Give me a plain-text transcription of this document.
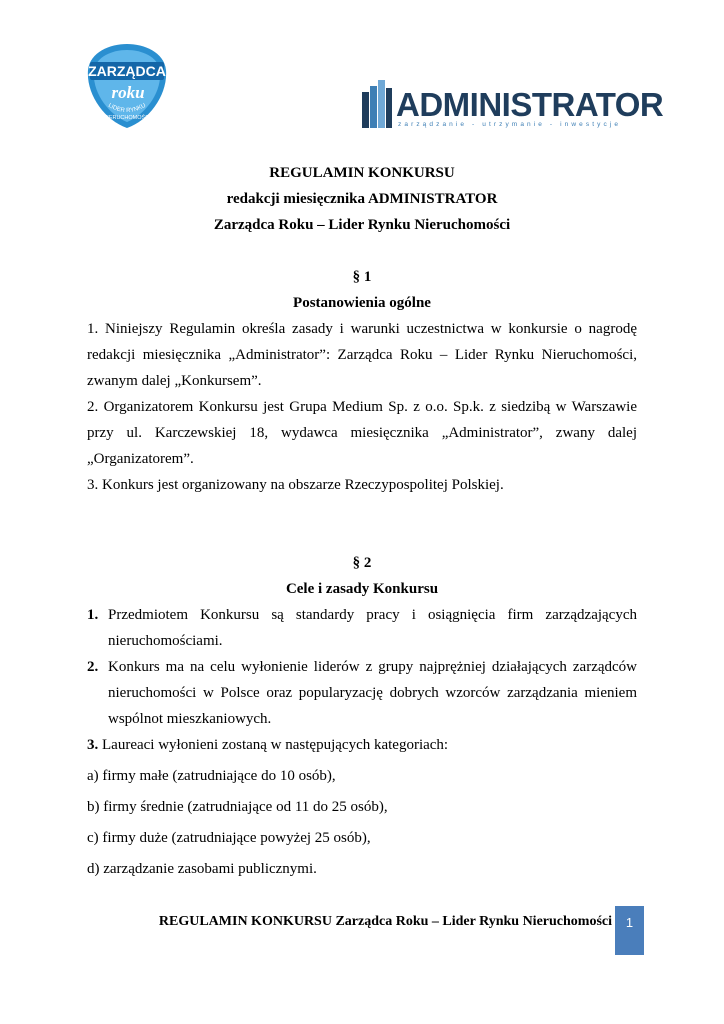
ZARZĄDCA
roku
LIDER RYNKU
NIERUCHOMOŚCI	ADMINISTRATOR
zarządzanie - utrzymanie - inwestycje
REGULAMIN KONKURSU
redakcji miesięcznika ADMINISTRATOR
Zarządca Roku – Lider Rynku Nieruchomości
§ 1
Postanowienia ogólne
1. Niniejszy Regulamin określa zasady i warunki uczestnictwa w konkursie o nagrodę redakcji miesięcznika „Administrator”: Zarządca Roku – Lider Rynku Nieruchomości, zwanym dalej „Konkursem”.
2. Organizatorem Konkursu jest Grupa Medium Sp. z o.o. Sp.k. z siedzibą w Warszawie przy ul. Karczewskiej 18, wydawca miesięcznika „Administrator”, zwany dalej „Organizatorem”.
3. Konkurs jest organizowany na obszarze Rzeczypospolitej Polskiej.
§ 2
Cele i zasady Konkursu
1. Przedmiotem Konkursu są standardy pracy i osiągnięcia firm zarządzających nieruchomościami.
2. Konkurs ma na celu wyłonienie liderów z grupy najprężniej działających zarządców nieruchomości w Polsce oraz popularyzację dobrych wzorców zarządzania mieniem wspólnot mieszkaniowych.
3. Laureaci wyłonieni zostaną w następujących kategoriach:
a) firmy małe (zatrudniające do 10 osób),
b) firmy średnie (zatrudniające od 11 do 25 osób),
c) firmy duże (zatrudniające powyżej 25 osób),
d) zarządzanie zasobami publicznymi.
REGULAMIN KONKURSU Zarządca Roku – Lider Rynku Nieruchomości	1
